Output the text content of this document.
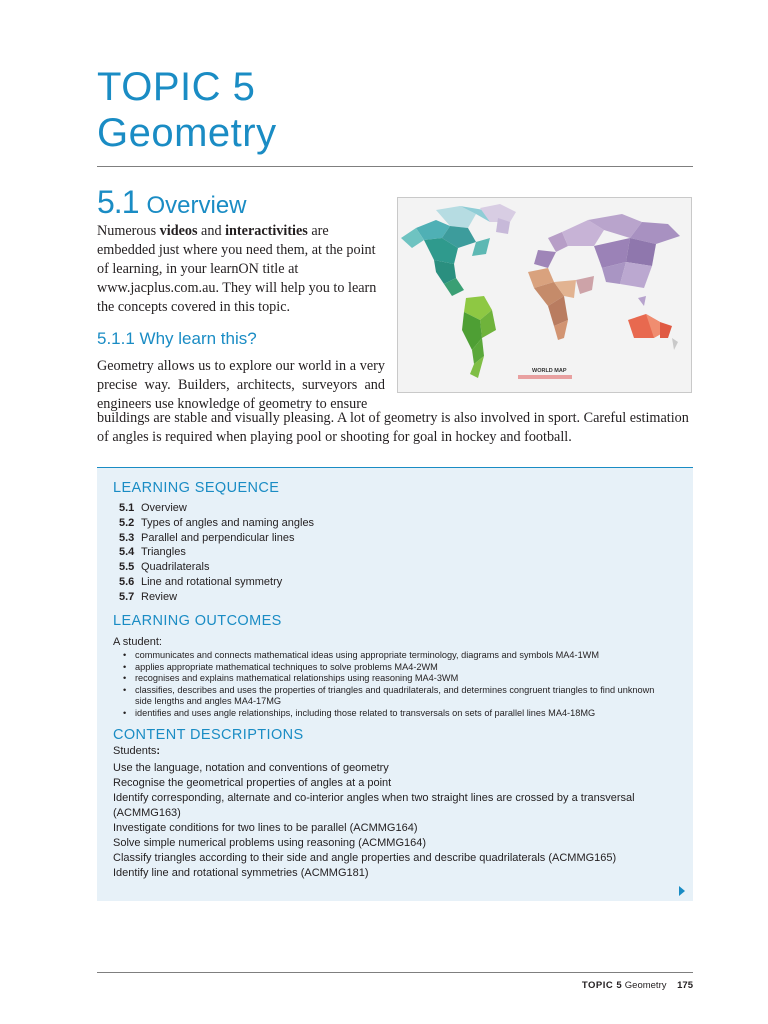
TOPIC 5
Geometry
5.1 Overview

Numerous videos and interactivities are embedded just where you need them, at the point of learning, in your learnON title at www.jacplus.com.au. They will help you to learn the concepts covered in this topic.

5.1.1 Why learn this?

Geometry allows us to explore our world in a very precise way. Builders, architects, surveyors and engineers use knowledge of geometry to ensure

buildings are stable and visually pleasing. A lot of geometry is also involved in sport. Careful estimation of angles is required when playing pool or shooting for goal in hockey and football.

WORLD MAP
LEARNING SEQUENCE
5.1 Overview
5.2 Types of angles and naming angles
5.3 Parallel and perpendicular lines
5.4 Triangles
5.5 Quadrilaterals
5.6 Line and rotational symmetry
5.7 Review
LEARNING OUTCOMES
A student:
• communicates and connects mathematical ideas using appropriate terminology, diagrams and symbols MA4-1WM
• applies appropriate mathematical techniques to solve problems MA4-2WM
• recognises and explains mathematical relationships using reasoning MA4-3WM
• classifies, describes and uses the properties of triangles and quadrilaterals, and determines congruent triangles to find unknown side lengths and angles MA4-17MG
• identifies and uses angle relationships, including those related to transversals on sets of parallel lines MA4-18MG
CONTENT DESCRIPTIONS
Students:
Use the language, notation and conventions of geometry
Recognise the geometrical properties of angles at a point
Identify corresponding, alternate and co-interior angles when two straight lines are crossed by a transversal (ACMMG163)
Investigate conditions for two lines to be parallel (ACMMG164)
Solve simple numerical problems using reasoning (ACMMG164)
Classify triangles according to their side and angle properties and describe quadrilaterals (ACMMG165)
Identify line and rotational symmetries (ACMMG181)
TOPIC 5 Geometry 175
